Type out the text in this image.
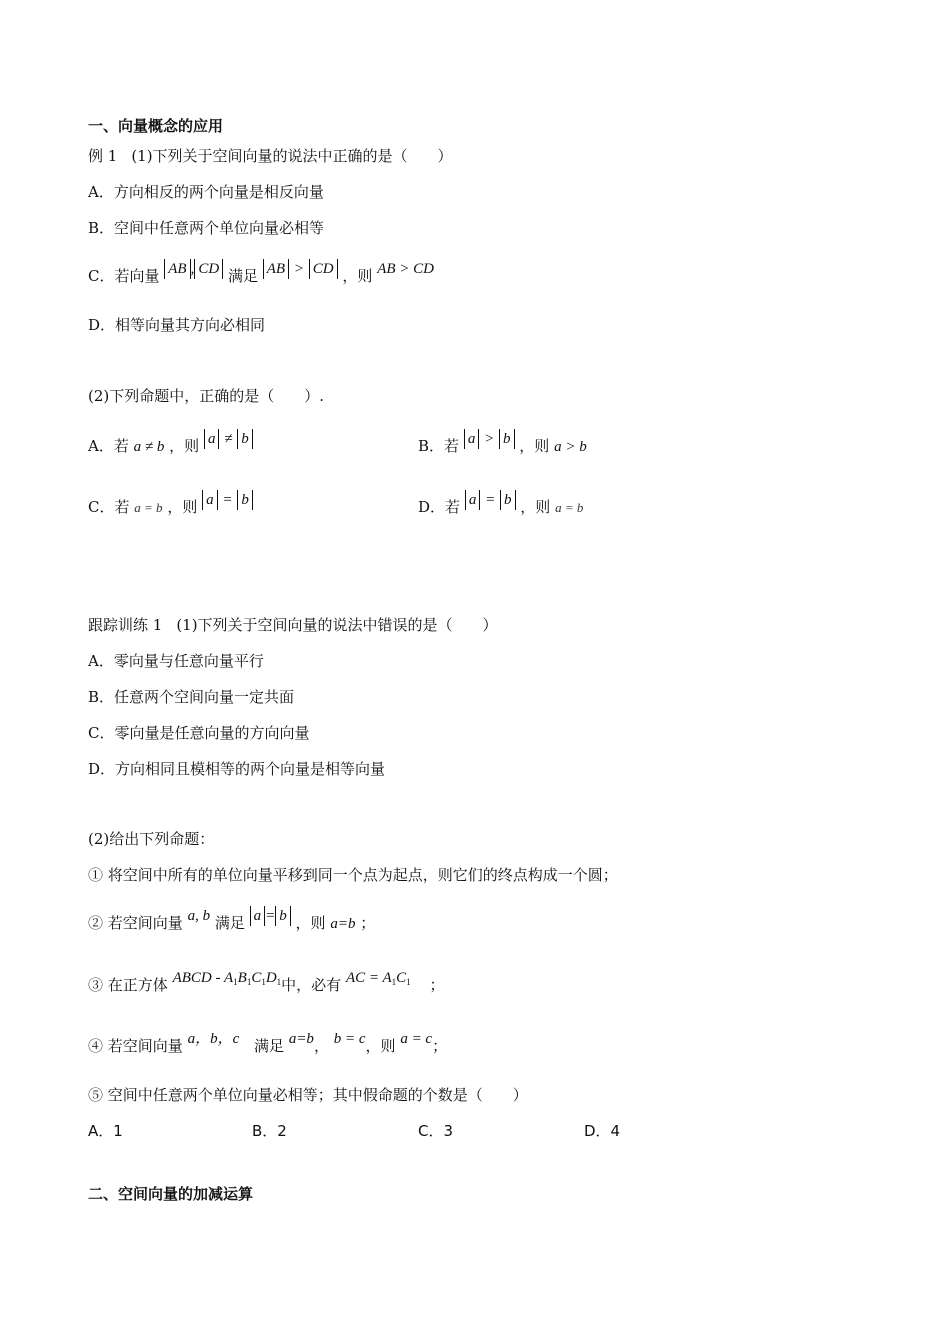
一、向量概念的应用
例 1 (1)下列关于空间向量的说法中正确的是（　　）
A．方向相反的两个向量是相反向量
B．空间中任意两个单位向量必相等
C．若向量 AB , CD 满足 AB > CD ，则 AB > CD
D．相等向量其方向必相同
(2)下列命题中，正确的是（　　）.
A．若 a ≠ b ，则 a ≠ b	B．若 a > b ，则 a > b
C．若 a = b ，则 a = b	D．若 a = b ，则 a = b
跟踪训练 1 (1)下列关于空间向量的说法中错误的是（　　）
A．零向量与任意向量平行
B．任意两个空间向量一定共面
C．零向量是任意向量的方向向量
D．方向相同且模相等的两个向量是相等向量
(2)给出下列命题：
① 将空间中所有的单位向量平移到同一个点为起点，则它们的终点构成一个圆；
② 若空间向量 a, b 满足 a = b ，则 a=b ；
③ 在正方体 ABCD - $A_1B_1C_1D_1$中，必有 AC = $A_1C_1$ ；
④ 若空间向量 a，b，c 满足 a=b， b = c，则 a = c；
⑤ 空间中任意两个单位向量必相等；其中假命题的个数是（　　）
A．1	B．2	C．3	D．4
二、空间向量的加减运算
